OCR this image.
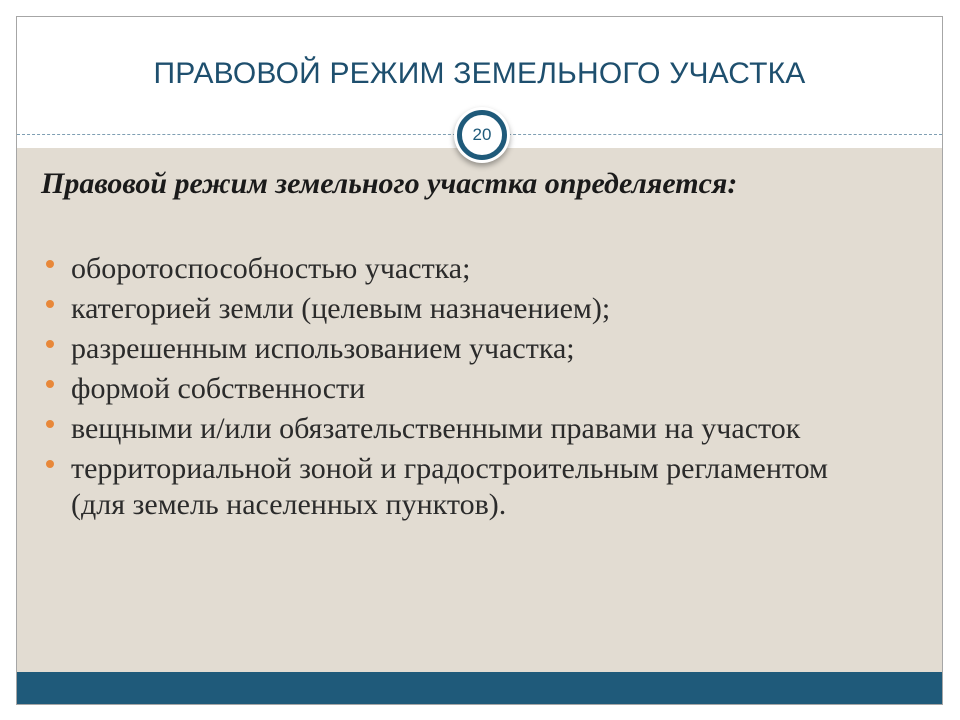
ПРАВОВОЙ РЕЖИМ ЗЕМЕЛЬНОГО УЧАСТКА
20
Правовой режим земельного участка определяется:
оборотоспособностью участка;
категорией земли (целевым назначением);
разрешенным использованием участка;
формой собственности
вещными и/или обязательственными правами на участок
территориальной зоной и градостроительным регламентом (для земель населенных пунктов).
